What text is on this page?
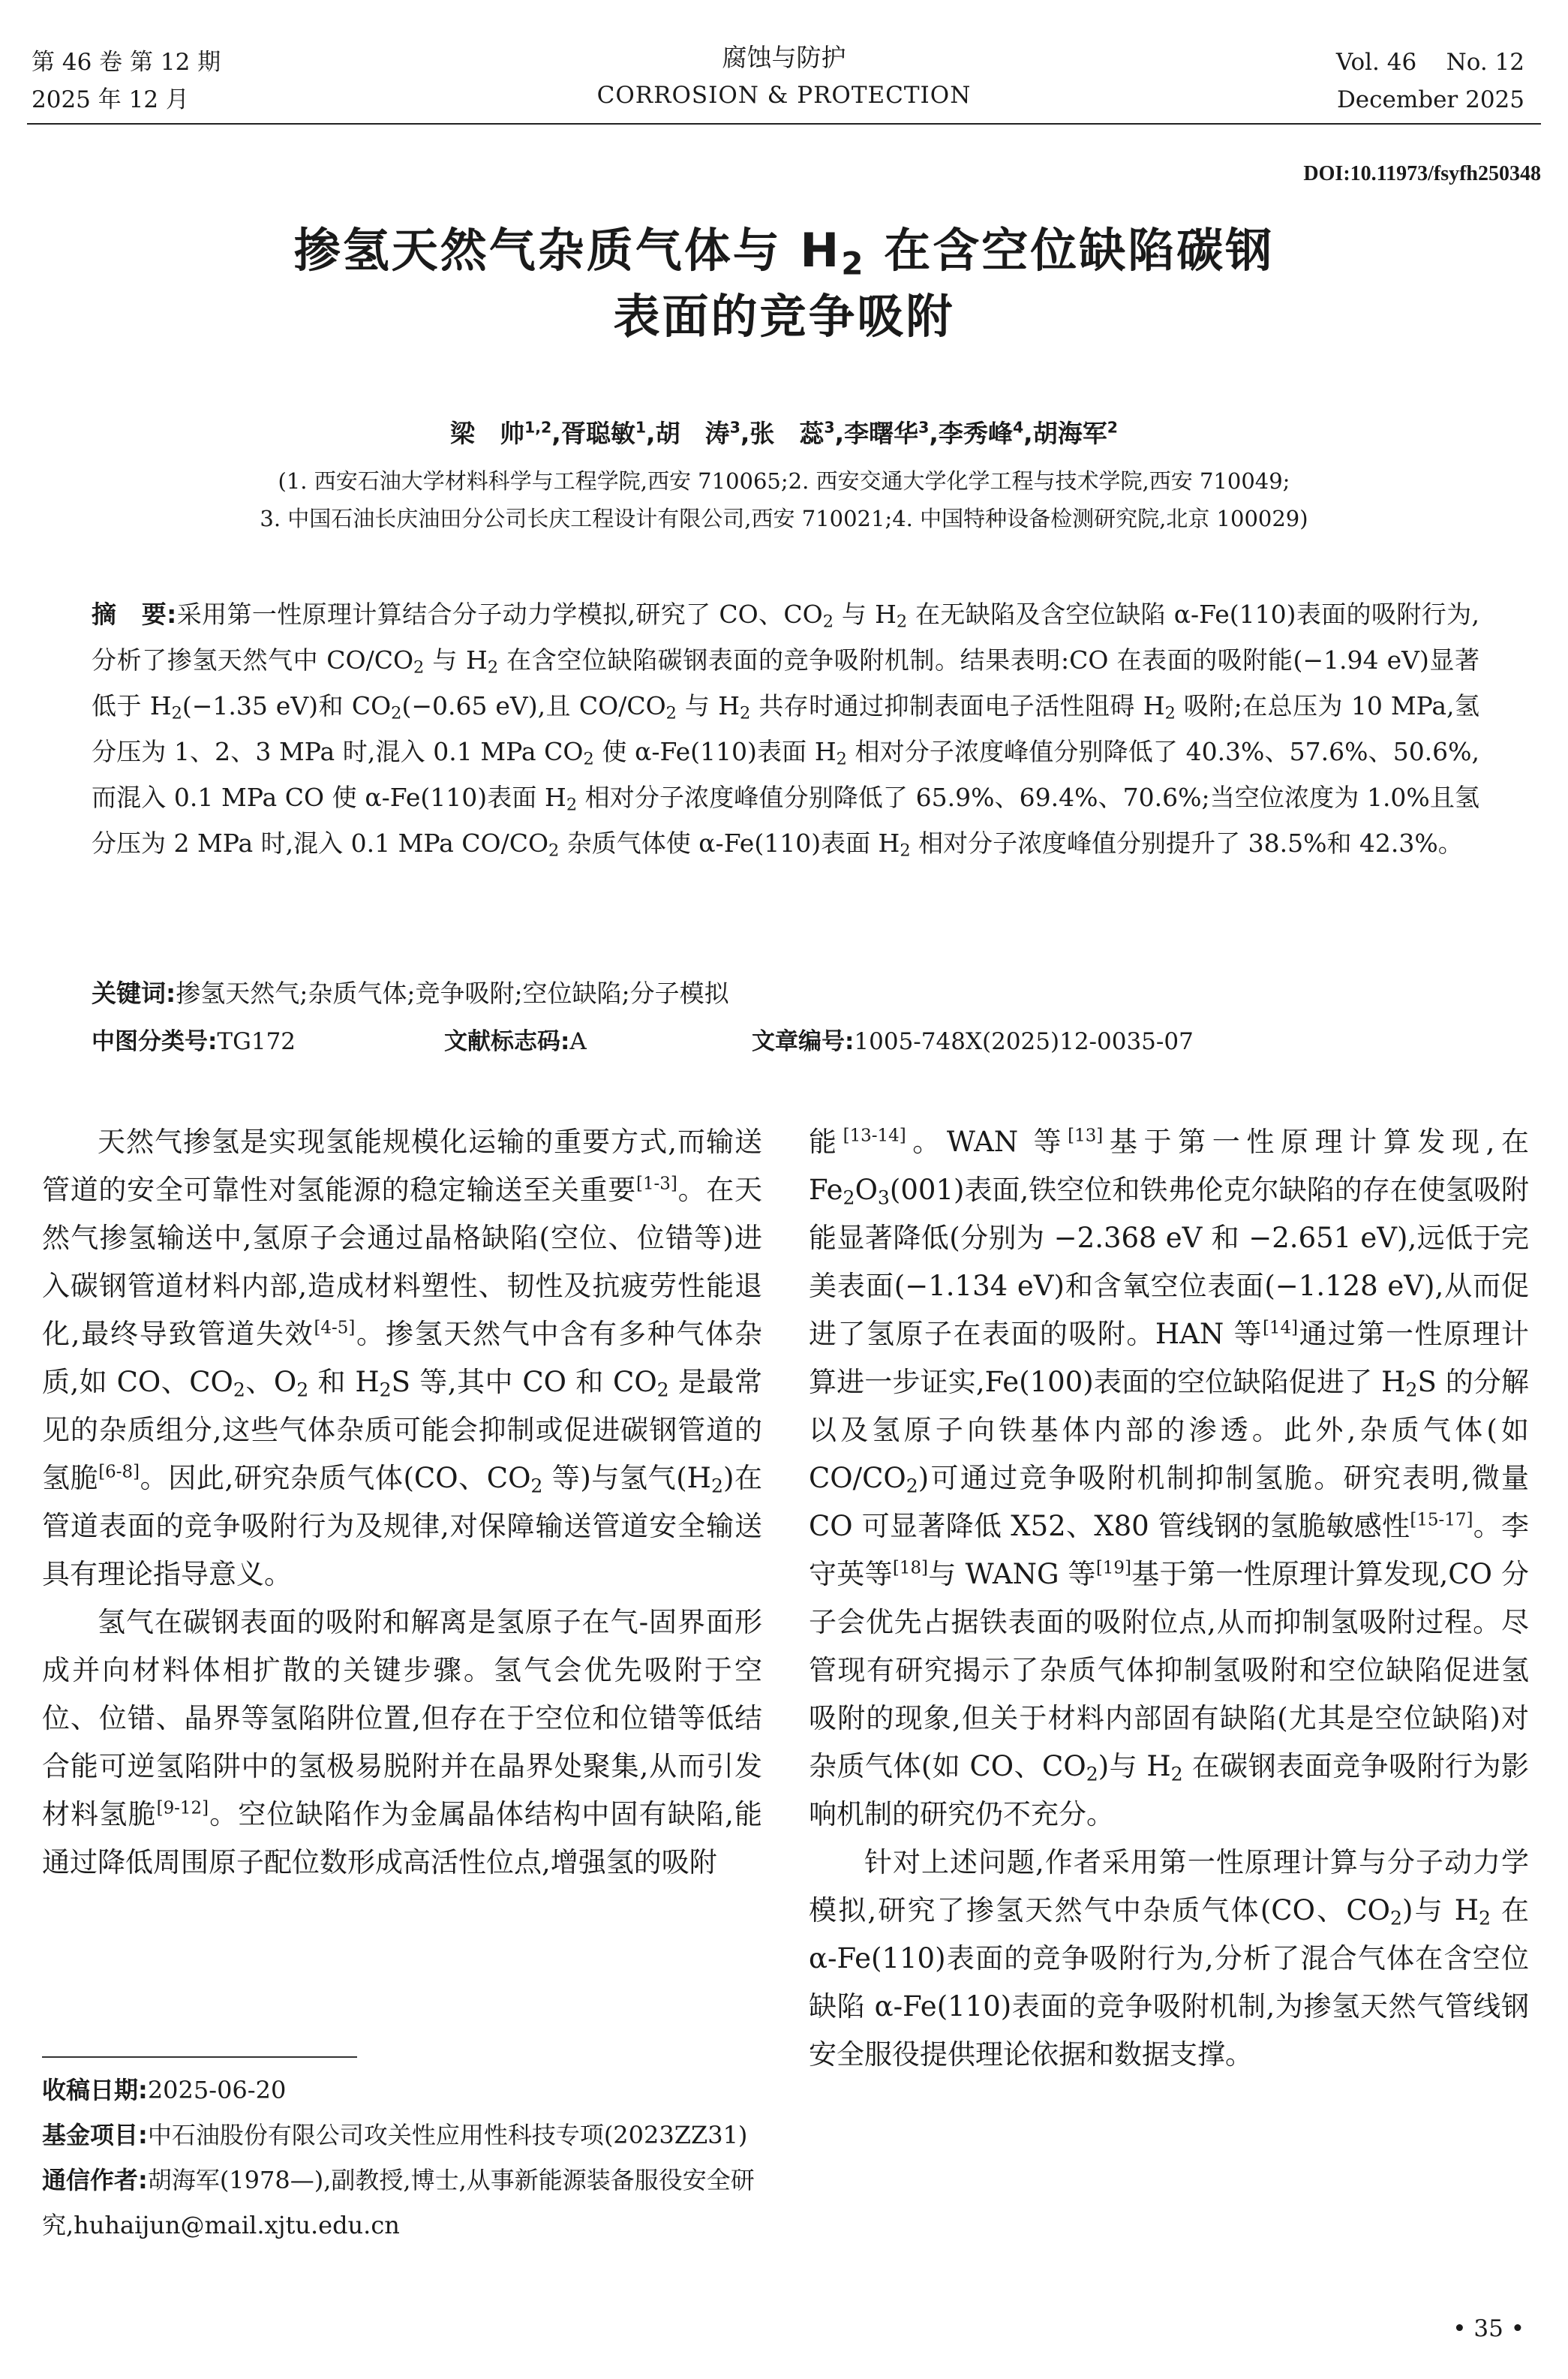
第 46 卷 第 12 期
2025 年 12 月
腐蚀与防护
CORROSION & PROTECTION
Vol. 46    No. 12
December 2025
DOI:10.11973/fsyfh250348
掺氢天然气杂质气体与 $H_2$ 在含空位缺陷碳钢
表面的竞争吸附
梁　帅$^{1,2}$,胥聪敏$^1$,胡　涛$^3$,张　蕊$^3$,李曙华$^3$,李秀峰$^4$,胡海军$^2$
(1. 西安石油大学材料科学与工程学院,西安 710065;2. 西安交通大学化学工程与技术学院,西安 710049;
3. 中国石油长庆油田分公司长庆工程设计有限公司,西安 710021;4. 中国特种设备检测研究院,北京 100029)
摘　要:采用第一性原理计算结合分子动力学模拟,研究了 CO、$CO_2$ 与 $H_2$ 在无缺陷及含空位缺陷 α-Fe(110)表面的吸附行为,分析了掺氢天然气中 $CO/CO_2$ 与 $H_2$ 在含空位缺陷碳钢表面的竞争吸附机制。结果表明:CO 在表面的吸附能(−1.94 eV)显著低于 $H_2(-1.35$ eV)和 $CO_2(-0.65$ eV),且 $CO/CO_2$ 与 $H_2$ 共存时通过抑制表面电子活性阻碍 $H_2$ 吸附;在总压为 10 MPa,氢分压为 1、2、3 MPa 时,混入 0.1 MPa $CO_2$ 使 α-Fe(110)表面 $H_2$ 相对分子浓度峰值分别降低了 40.3%、57.6%、50.6%,而混入 0.1 MPa CO 使 α-Fe(110)表面 $H_2$ 相对分子浓度峰值分别降低了 65.9%、69.4%、70.6%;当空位浓度为 1.0%且氢分压为 2 MPa 时,混入 0.1 MPa $CO/CO_2$ 杂质气体使 α-Fe(110)表面 $H_2$ 相对分子浓度峰值分别提升了 38.5%和 42.3%。
关键词:掺氢天然气;杂质气体;竞争吸附;空位缺陷;分子模拟
中图分类号:TG172	文献标志码:A	文章编号:1005-748X(2025)12-0035-07

天然气掺氢是实现氢能规模化运输的重要方式,而输送管道的安全可靠性对氢能源的稳定输送至关重要[1-3]。在天然气掺氢输送中,氢原子会通过晶格缺陷(空位、位错等)进入碳钢管道材料内部,造成材料塑性、韧性及抗疲劳性能退化,最终导致管道失效[4-5]。掺氢天然气中含有多种气体杂质,如 CO、$CO_2$、$O_2$ 和 $H_2S$ 等,其中 CO 和 $CO_2$ 是最常见的杂质组分,这些气体杂质可能会抑制或促进碳钢管道的氢脆[6-8]。因此,研究杂质气体(CO、$CO_2$ 等)与氢气$(H_2)$在管道表面的竞争吸附行为及规律,对保障输送管道安全输送具有理论指导意义。

氢气在碳钢表面的吸附和解离是氢原子在气-固界面形成并向材料体相扩散的关键步骤。氢气会优先吸附于空位、位错、晶界等氢陷阱位置,但存在于空位和位错等低结合能可逆氢陷阱中的氢极易脱附并在晶界处聚集,从而引发材料氢脆[9-12]。空位缺陷作为金属晶体结构中固有缺陷,能通过降低周围原子配位数形成高活性位点,增强氢的吸附

能[13-14]。WAN 等[13]基于第一性原理计算发现,在 $Fe_2O_3(001)$表面,铁空位和铁弗伦克尔缺陷的存在使氢吸附能显著降低(分别为 −2.368 eV 和 −2.651 eV),远低于完美表面(−1.134 eV)和含氧空位表面(−1.128 eV),从而促进了氢原子在表面的吸附。HAN 等[14]通过第一性原理计算进一步证实,Fe(100)表面的空位缺陷促进了 $H_2S$ 的分解以及氢原子向铁基体内部的渗透。此外,杂质气体(如 $CO/CO_2$)可通过竞争吸附机制抑制氢脆。研究表明,微量 CO 可显著降低 X52、X80 管线钢的氢脆敏感性[15-17]。李守英等[18]与 WANG 等[19]基于第一性原理计算发现,CO 分子会优先占据铁表面的吸附位点,从而抑制氢吸附过程。尽管现有研究揭示了杂质气体抑制氢吸附和空位缺陷促进氢吸附的现象,但关于材料内部固有缺陷(尤其是空位缺陷)对杂质气体(如 CO、$CO_2$)与 $H_2$ 在碳钢表面竞争吸附行为影响机制的研究仍不充分。

针对上述问题,作者采用第一性原理计算与分子动力学模拟,研究了掺氢天然气中杂质气体(CO、$CO_2$)与 $H_2$ 在 α-Fe(110)表面的竞争吸附行为,分析了混合气体在含空位缺陷 α-Fe(110)表面的竞争吸附机制,为掺氢天然气管线钢安全服役提供理论依据和数据支撑。

收稿日期:2025-06-20
基金项目:中石油股份有限公司攻关性应用性科技专项(2023ZZ31)
通信作者:胡海军(1978—),副教授,博士,从事新能源装备服役安全研究,huhaijun@mail.xjtu.edu.cn
• 35 •
